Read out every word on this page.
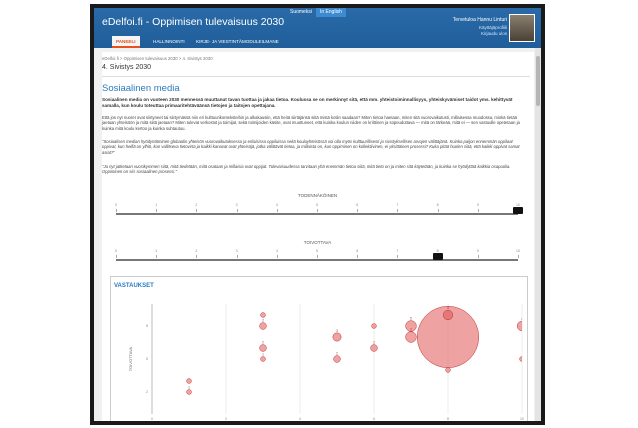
Suomeksi	In English
eDelfoi.fi - Oppimisen tulevaisuus 2030	Tervetuloa Hannu Linturi
Käyttäjäprofiili
Kirjaudu ulos
PANEELI	HALLINNOINTI	KIRJE- JA VIESTINTÄMODULEILMANE
eDelfoi.fi > Oppimisen tulevaisuus 2030 > 4. Sivistys 2030
4. Sivistys 2030
Sosiaalinen media

Sosiaalinen media on vuoteen 2030 mennessä muuttanut tavan tuottaa ja jakaa tietoa. Koulussa se on merkinnyt sitä, että mm. yhteistoiminnallisyys, yhteiskyvämiset taidot yms. kehittyvät samalla, kun koulu toteuttaa primaaritehtäväänsä tietojen ja taitojen opettajana.

Että jos nyt nuoret ovat siirtyneet tai siirtymässä niin eri kulttuurikonteksteihin ja alkakausiin, että heitä siirtäjänsä siitä mistä kotiin saadaan? Miten tietoa haetaan, miten sitä vuorovaikutusti, millaisessa muodossa, minkä tietää jaetaan yhteisöön ja mitä siitä jaetaan? Miten tulevat verkostot ja toimijat, sekä toimijoiden käsite, ovat muuttuneet, että kuinka koulun niiden on kriittinen ja sopeuduttava — mitä on tärkeää, mitä ei — sen vastuulle opetetaan ja kuinka mitä koulu kertoo ja kuinka suhtautuu.

"Sosiaalisen median hyödyntäminen globaalin yhteisön vuorovaikutuksessa ja erilaisissa oppiluissa sekä kouluyhteisössä voi olla myös kulttuurillisesti ja sivistyksellisen arvojen välittäjänä. Kuinka paljon ennemmän oppilaat oppivat, kun heillä on ylhiö, kun vallitseva tietovirta ja kaikki kanavat ovat yhteisöjä, jotka välittävät tietoa, ja millaista on, kun oppiminen on kollektiivinen, ei yksittäinen prosessi? Kuka pitää huolen siitä, että kaikki oppivat samat asiat?"

"Ja nyt jatketaan vuosikymmen siitä, mitä tiedetään, mitä osataan ja millaisia ovat oppijat. Tulevaisuudessa tarvitaan yhä enemmän tietoa siitä, mitä tieto on ja miten sitä käytetään, ja kuinka se hyödyttää kaikkia osapuolia. Oppiminen on siis sosiaalinen prosessi."

TODENNÄKÖINEN
0	1	2	3	4	5	6	7	8	9	10
TOIVOTTAVA
0	1	2	3	4	5	6	7	8	9	10
VASTAUKSET
0	2	4	6	8	10
TOIVOTTAVA
2
5
8
5
5
4
4
3
2
2
2
2
1
1
